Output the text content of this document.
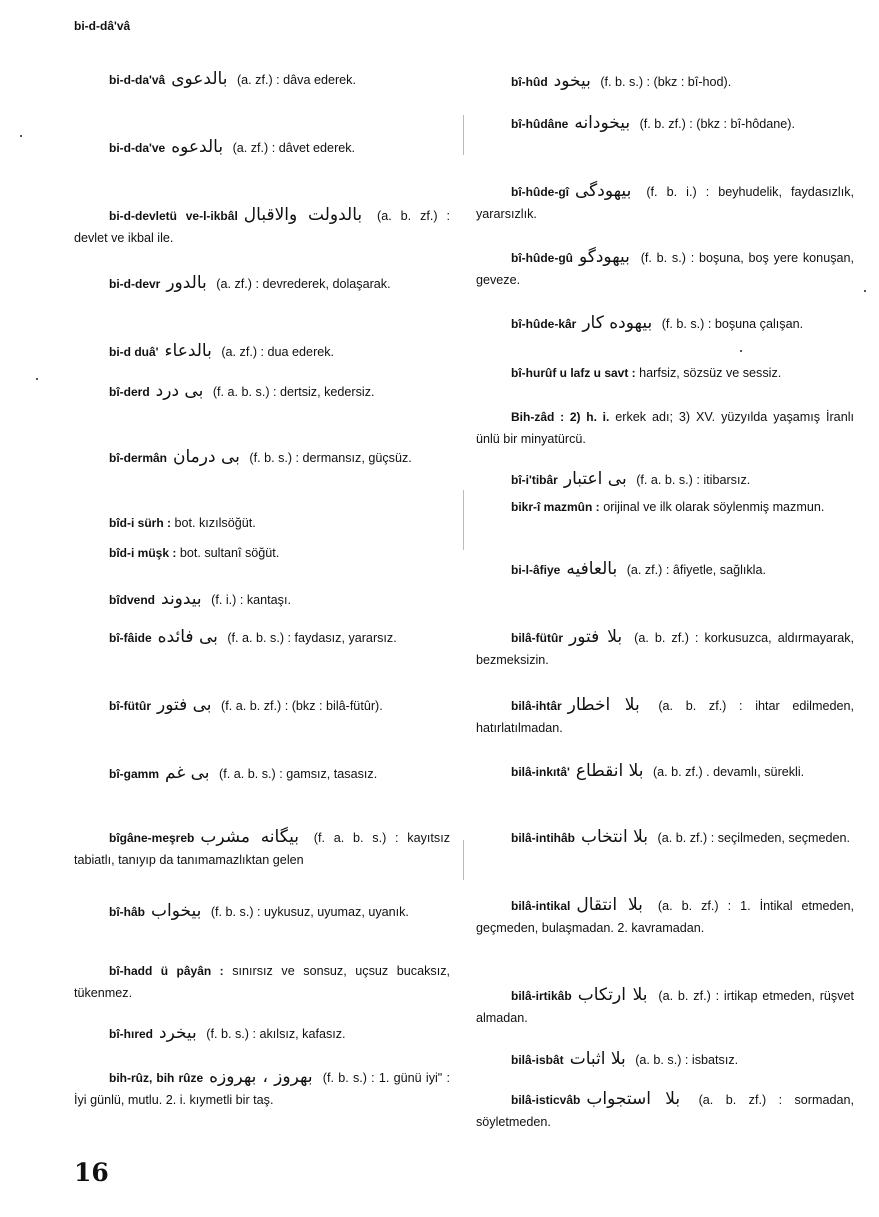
bi-d-dâ'vâ
bi-d-da'vâ بالدعوى (a. zf.) : dâva ederek.
bi-d-da've بالدعوه (a. zf.) : dâvet ederek.
bi-d-devletü ve-l-ikbâl بالدولت والاقبال (a. b. zf.) : devlet ve ikbal ile.
bi-d-devr بالدور (a. zf.) : devrederek, dolaşarak.
bi-d duâ' بالدعاء (a. zf.) : dua ederek.
bî-derd بى درد (f. a. b. s.) : dertsiz, kedersiz.
bî-dermân بى درمان (f. b. s.) : dermansız, güçsüz.
bîd-i sürh : bot. kızılsöğüt.
bîd-i müşk : bot. sultanî söğüt.
bîdvend بيدوند (f. i.) : kantaşı.
bî-fâide بى فائده (f. a. b. s.) : faydasız, yararsız.
bî-fütûr بى فتور (f. a. b. zf.) : (bkz : bilâ-fütûr).
bî-gamm بى غم (f. a. b. s.) : gamsız, tasasız.
bîgâne-meşreb بيگانه مشرب (f. a. b. s.) : kayıtsız tabiatlı, tanıyıp da tanımamazlıktan gelen
bî-hâb بيخواب (f. b. s.) : uykusuz, uyumaz, uyanık.
bî-hadd ü pâyân : sınırsız ve sonsuz, uçsuz bucaksız, tükenmez.
bî-hıred بيخرد (f. b. s.) : akılsız, kafasız.
bih-rûz, bih rûze بهروز ، بهروزه (f. b. s.) : 1. günü iyi" : İyi günlü, mutlu. 2. i. kıymetli bir taş.
bî-hûd بيخود (f. b. s.) : (bkz : bî-hod).
bî-hûdâne بيخودانه (f. b. zf.) : (bkz : bî-hôdane).
bî-hûde-gî بيهودگى (f. b. i.) : beyhudelik, faydasızlık, yararsızlık.
bî-hûde-gû بيهودگو (f. b. s.) : boşuna, boş yere konuşan, geveze.
bî-hûde-kâr بيهوده كار (f. b. s.) : boşuna çalışan.
bî-hurûf u lafz u savt : harfsiz, sözsüz ve sessiz.
Bih-zâd : 2) h. i. erkek adı; 3) XV. yüzyılda yaşamış İranlı ünlü bir minyatürcü.
bî-i'tibâr بى اعتبار (f. a. b. s.) : itibarsız.
bikr-î mazmûn : orijinal ve ilk olarak söylenmiş mazmun.
bi-l-âfiye بالعافيه (a. zf.) : âfiyetle, sağlıkla.
bilâ-fütûr بلا فتور (a. b. zf.) : korkusuzca, aldırmayarak, bezmeksizin.
bilâ-ihtâr بلا اخطار (a. b. zf.) : ihtar edilmeden, hatırlatılmadan.
bilâ-inkıtâ' بلا انقطاع (a. b. zf.) . devamlı, sürekli.
bilâ-intihâb بلا انتخاب (a. b. zf.) : seçilmeden, seçmeden.
bilâ-intikal بلا انتقال (a. b. zf.) : 1. İntikal etmeden, geçmeden, bulaşmadan. 2. kavramadan.
bilâ-irtikâb بلا ارتكاب (a. b. zf.) : irtikap etmeden, rüşvet almadan.
bilâ-isbât بلا اثبات (a. b. s.) : isbatsız.
bilâ-isticvâb بلا استجواب (a. b. zf.) : sormadan, söyletmeden.
16
